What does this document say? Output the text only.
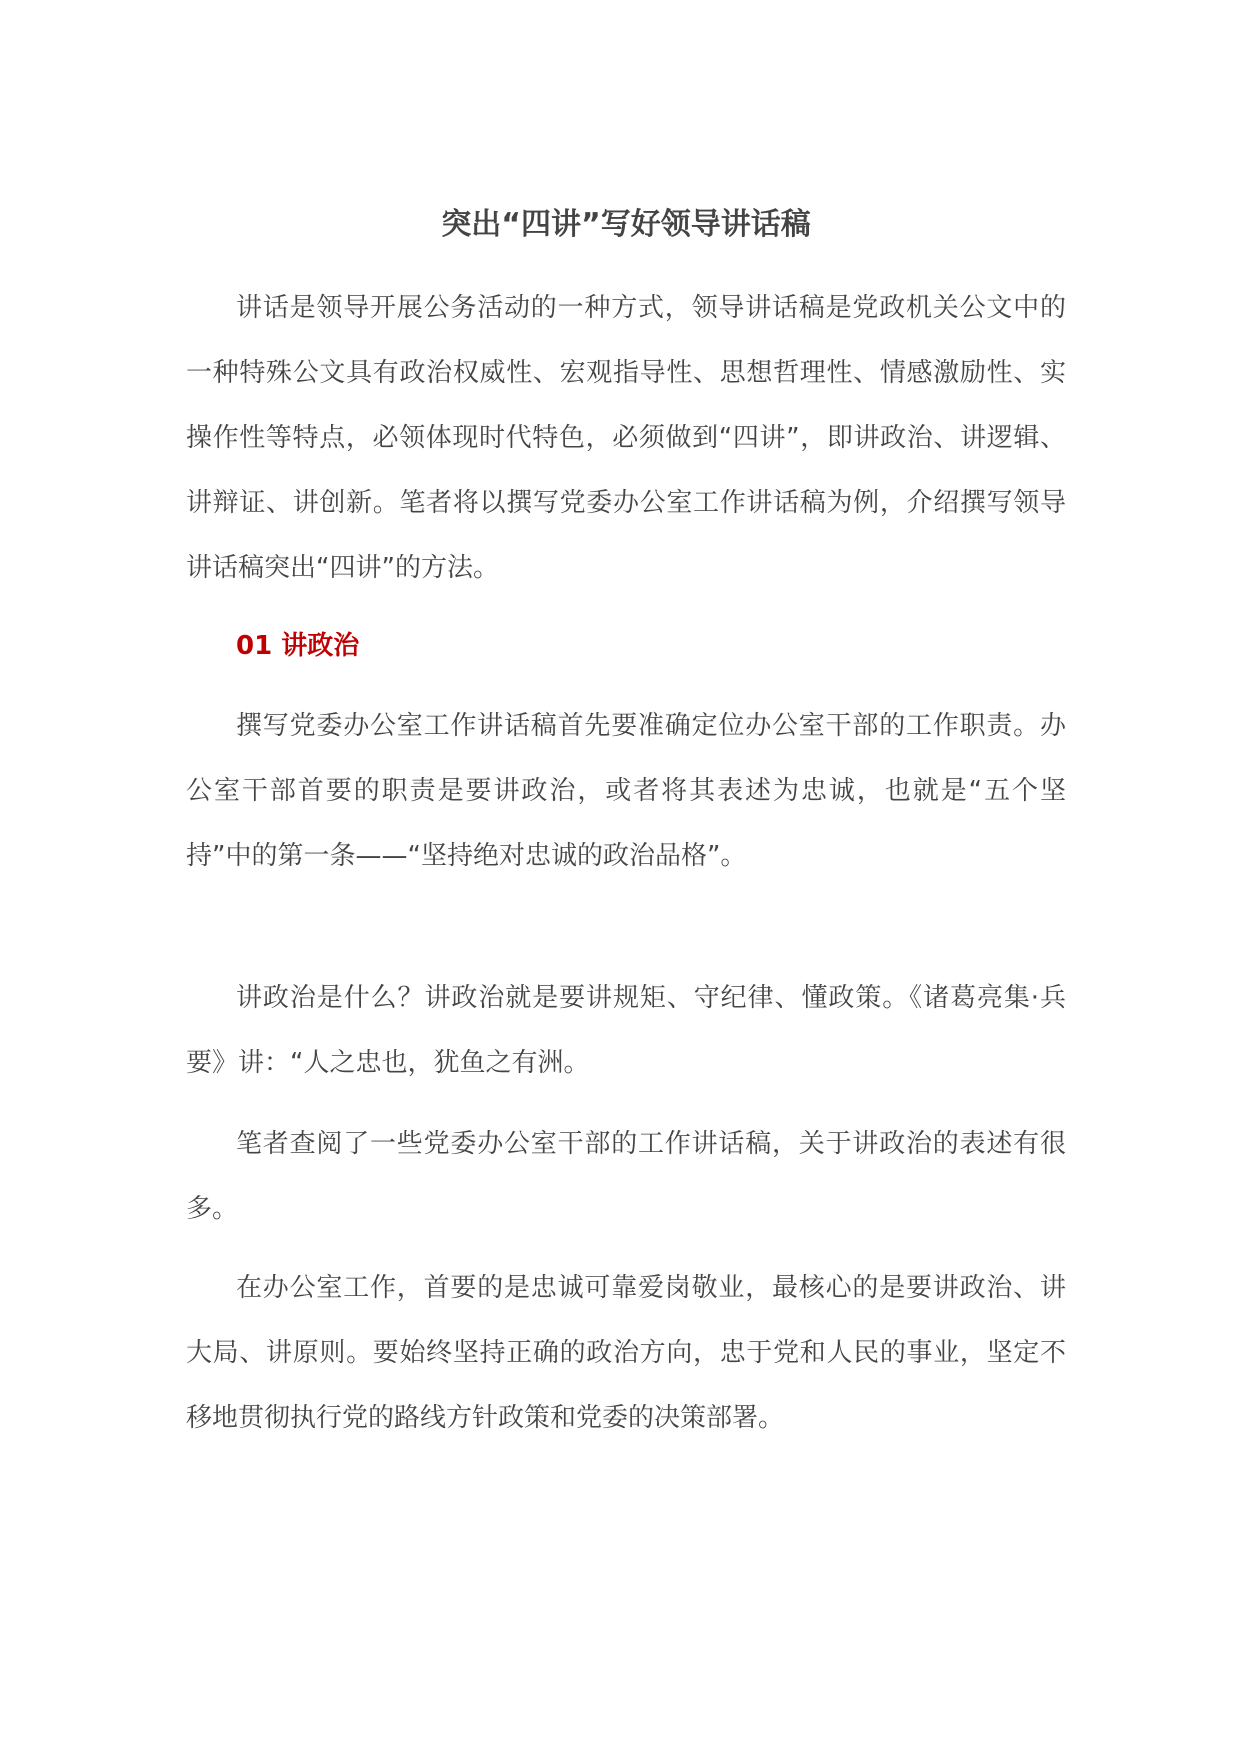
突出“四讲”写好领导讲话稿

讲话是领导开展公务活动的一种方式，领导讲话稿是党政机关公文中的一种特殊公文具有政治权威性、宏观指导性、思想哲理性、情感激励性、实操作性等特点，必领体现时代特色，必须做到“四讲”，即讲政治、讲逻辑、讲辩证、讲创新。笔者将以撰写党委办公室工作讲话稿为例，介绍撰写领导讲话稿突出“四讲”的方法。

01 讲政治

撰写党委办公室工作讲话稿首先要准确定位办公室干部的工作职责。办公室干部首要的职责是要讲政治，或者将其表述为忠诚，也就是“五个坚持”中的第一条——“坚持绝对忠诚的政治品格”。

讲政治是什么？讲政治就是要讲规矩、守纪律、懂政策。《诸葛亮集·兵要》讲：“人之忠也，犹鱼之有洲。

笔者查阅了一些党委办公室干部的工作讲话稿，关于讲政治的表述有很多。

在办公室工作，首要的是忠诚可靠爱岗敬业，最核心的是要讲政治、讲大局、讲原则。要始终坚持正确的政治方向，忠于党和人民的事业，坚定不移地贯彻执行党的路线方针政策和党委的决策部署。
